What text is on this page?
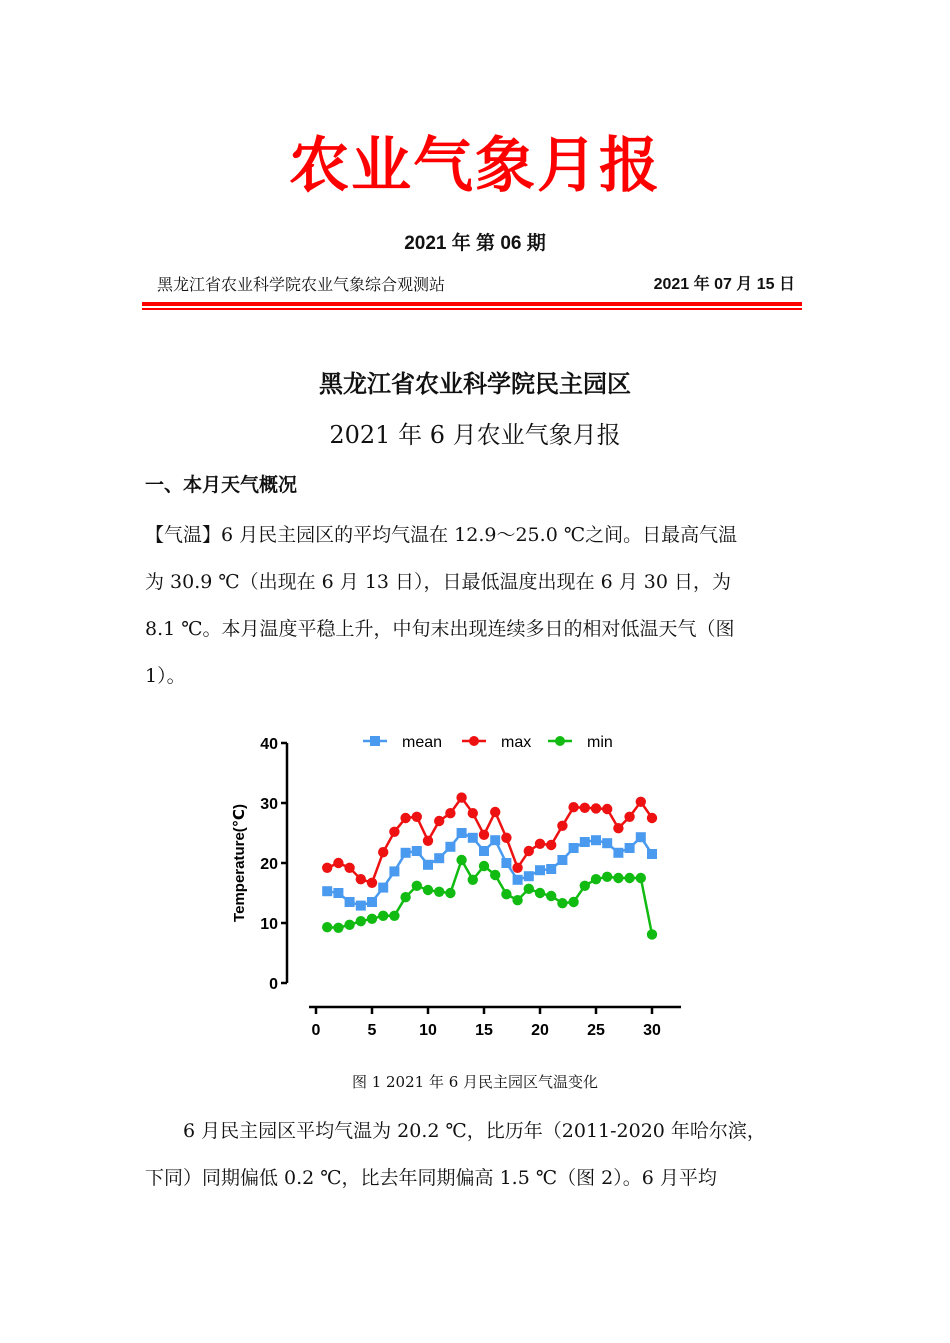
农业气象月报
2021 年 第 06 期
黑龙江省农业科学院农业气象综合观测站	2021 年 07 月 15 日
黑龙江省农业科学院民主园区
2021 年 6 月农业气象月报
一、本月天气概况
【气温】6 月民主园区的平均气温在 12.9～25.0 ℃之间。日最高气温
为 30.9 ℃（出现在 6 月 13 日），日最低温度出现在 6 月 30 日，为
8.1 ℃。本月温度平稳上升，中旬末出现连续多日的相对低温天气（图
1）。
0
10
20
30
40
Temperature(℃)
0	5	10 15 20 25 30
mean	max	min
图 1 2021 年 6 月民主园区气温变化
　　6 月民主园区平均气温为 20.2 ℃，比历年（2011-2020 年哈尔滨，
下同）同期偏低 0.2 ℃，比去年同期偏高 1.5 ℃（图 2）。6 月平均
